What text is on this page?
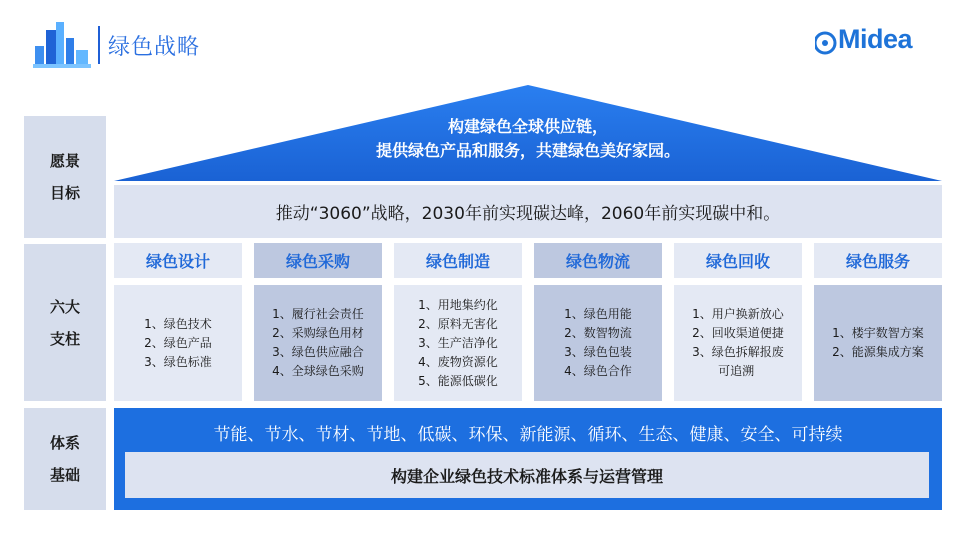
绿色战略	Midea
愿景
目标
六大
支柱
体系
基础
构建绿色全球供应链，
提供绿色产品和服务，共建绿色美好家园。
推动“3060”战略，2030年前实现碳达峰，2060年前实现碳中和。
绿色设计	绿色采购	绿色制造	绿色物流	绿色回收	绿色服务
1、绿色技术
2、绿色产品
3、绿色标准
1、履行社会责任
2、采购绿色用材
3、绿色供应融合
4、全球绿色采购
1、用地集约化
2、原料无害化
3、生产洁净化
4、废物资源化
5、能源低碳化
1、绿色用能
2、数智物流
3、绿色包装
4、绿色合作
1、用户换新放心
2、回收渠道便捷
3、绿色拆解报废
可追溯
1、楼宇数智方案
2、能源集成方案
节能、节水、节材、节地、低碳、环保、新能源、循环、生态、健康、安全、可持续
构建企业绿色技术标准体系与运营管理
